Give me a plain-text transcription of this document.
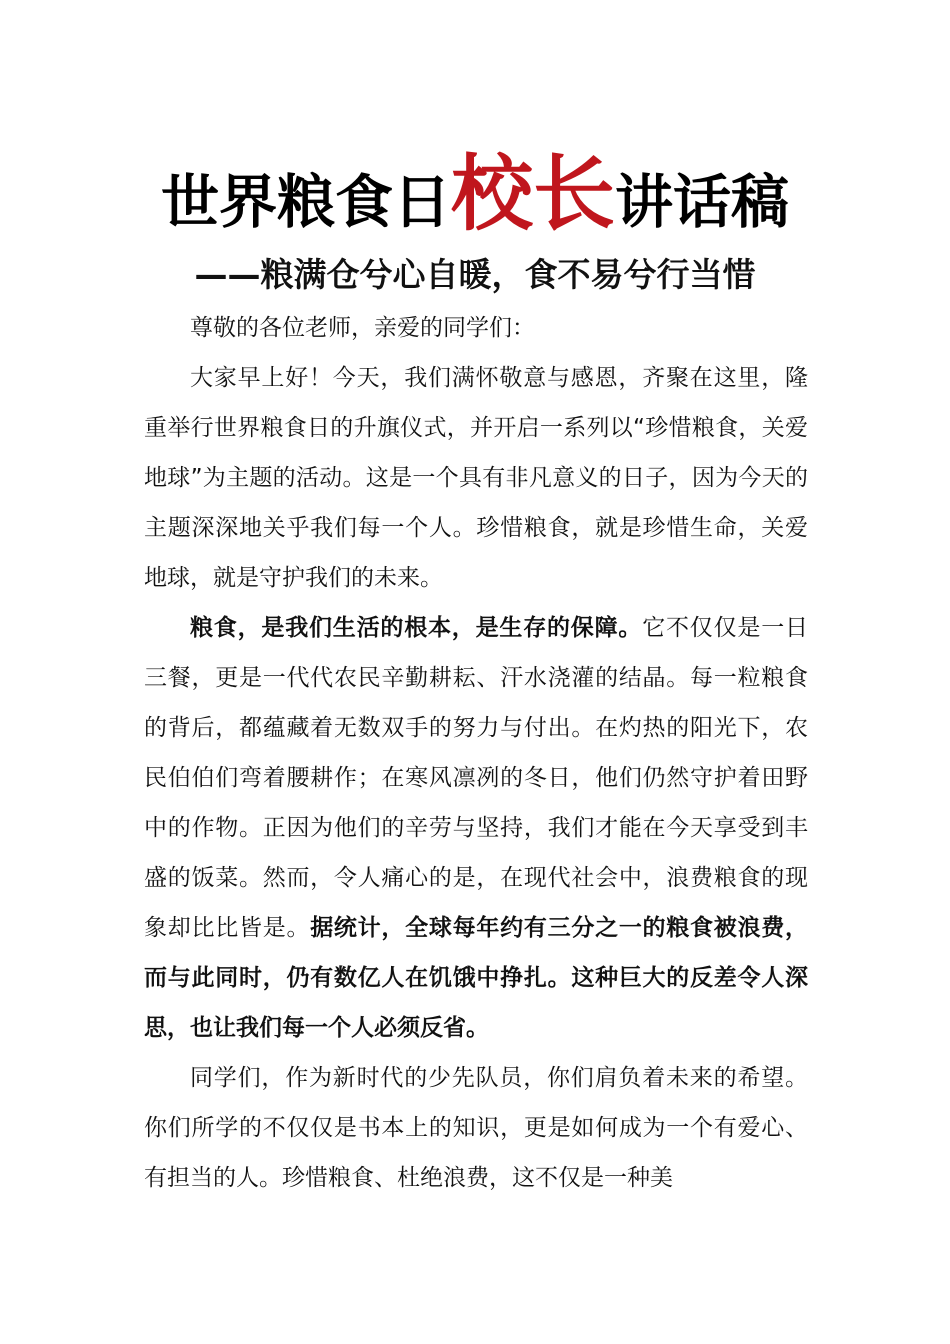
世界粮食日校长讲话稿
——粮满仓兮心自暖，食不易兮行当惜

尊敬的各位老师，亲爱的同学们：

大家早上好！今天，我们满怀敬意与感恩，齐聚在这里，隆重举行世界粮食日的升旗仪式，并开启一系列以“珍惜粮食，关爱地球”为主题的活动。这是一个具有非凡意义的日子，因为今天的主题深深地关乎我们每一个人。珍惜粮食，就是珍惜生命，关爱地球，就是守护我们的未来。

粮食，是我们生活的根本，是生存的保障。它不仅仅是一日三餐，更是一代代农民辛勤耕耘、汗水浇灌的结晶。每一粒粮食的背后，都蕴藏着无数双手的努力与付出。在灼热的阳光下，农民伯伯们弯着腰耕作；在寒风凛冽的冬日，他们仍然守护着田野中的作物。正因为他们的辛劳与坚持，我们才能在今天享受到丰盛的饭菜。然而，令人痛心的是，在现代社会中，浪费粮食的现象却比比皆是。据统计，全球每年约有三分之一的粮食被浪费，而与此同时，仍有数亿人在饥饿中挣扎。这种巨大的反差令人深思，也让我们每一个人必须反省。

同学们，作为新时代的少先队员，你们肩负着未来的希望。你们所学的不仅仅是书本上的知识，更是如何成为一个有爱心、有担当的人。珍惜粮食、杜绝浪费，这不仅是一种美
